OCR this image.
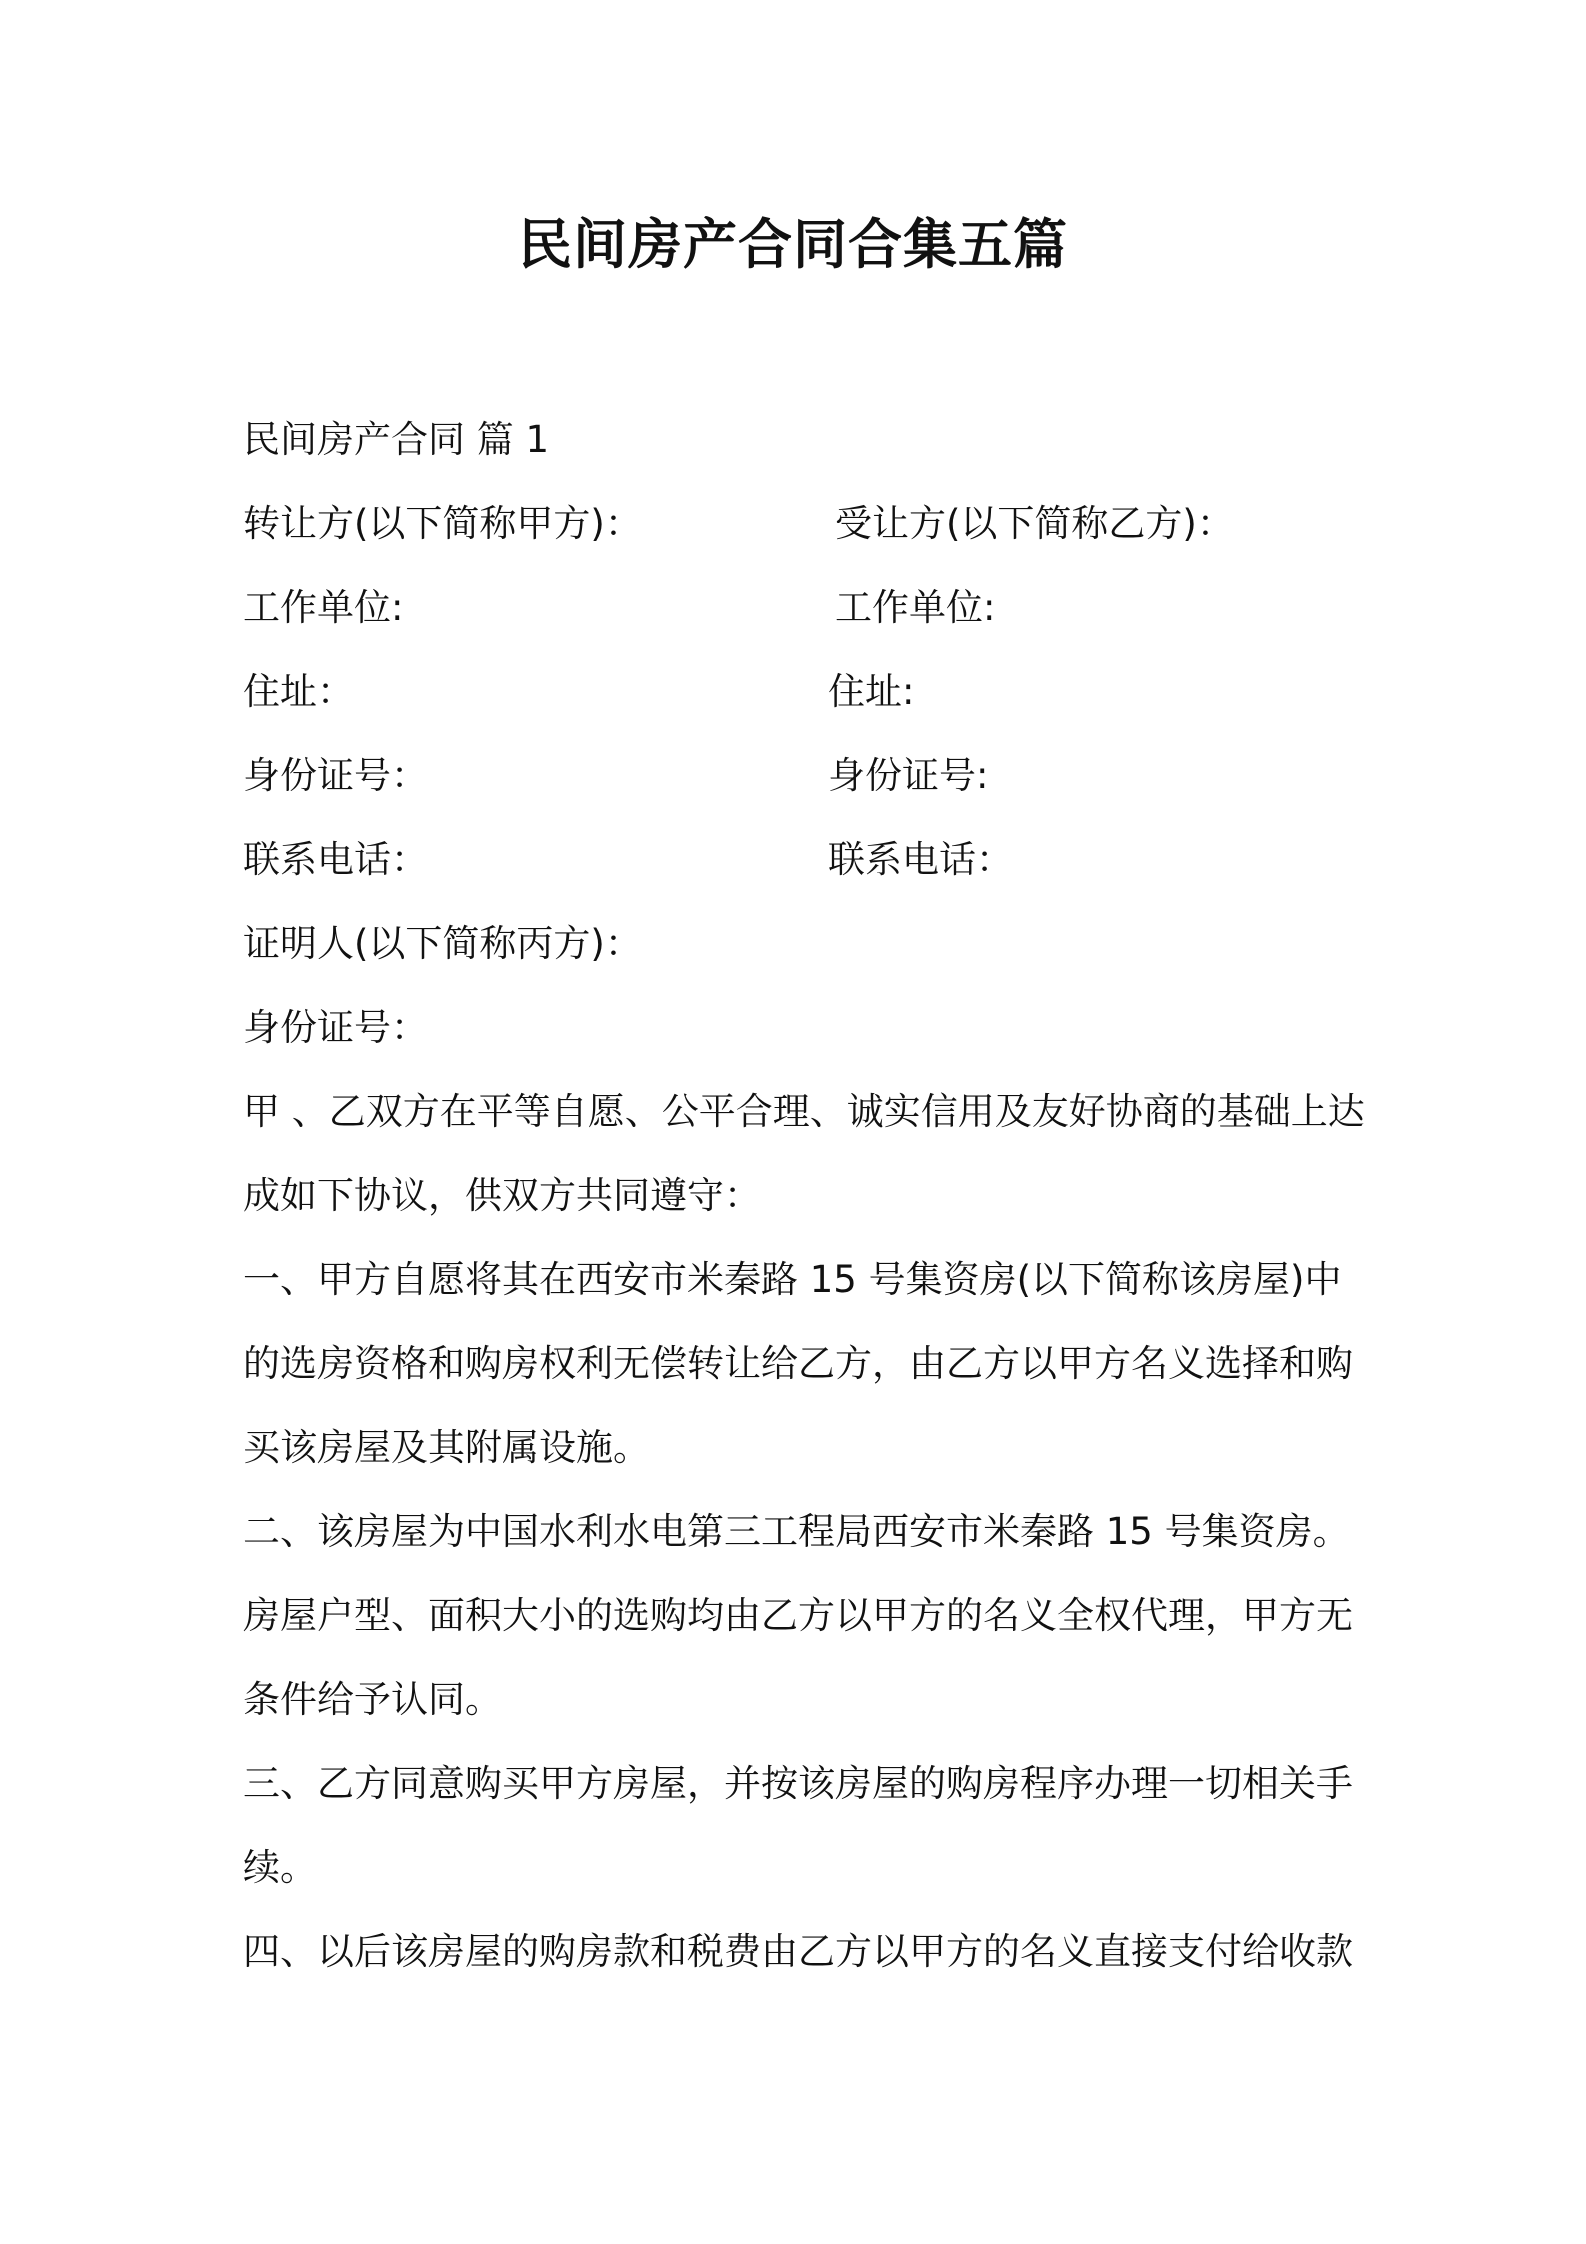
民间房产合同合集五篇
民间房产合同 篇 1
转让方(以下简称甲方)：	受让方(以下简称乙方)：
工作单位:	工作单位:
住址：	住址:
身份证号：	身份证号:
联系电话：	联系电话：
证明人(以下简称丙方)：
身份证号：
甲 、乙双方在平等自愿、公平合理、诚实信用及友好协商的基础上达
成如下协议，供双方共同遵守：
一、甲方自愿将其在西安市米秦路 15 号集资房(以下简称该房屋)中
的选房资格和购房权利无偿转让给乙方，由乙方以甲方名义选择和购
买该房屋及其附属设施。
二、该房屋为中国水利水电第三工程局西安市米秦路 15 号集资房。
房屋户型、面积大小的选购均由乙方以甲方的名义全权代理，甲方无
条件给予认同。
三、乙方同意购买甲方房屋，并按该房屋的购房程序办理一切相关手
续。
四、以后该房屋的购房款和税费由乙方以甲方的名义直接支付给收款
